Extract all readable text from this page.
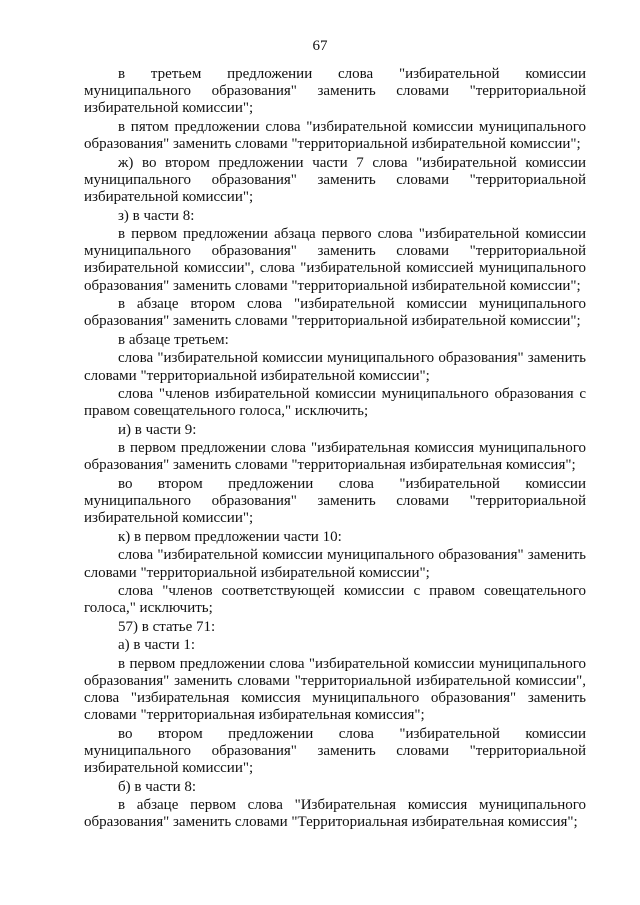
67

в третьем предложении слова "избирательной комиссии муниципального образования" заменить словами "территориальной избирательной комиссии";

в пятом предложении слова "избирательной комиссии муниципального образования" заменить словами "территориальной избирательной комиссии";

ж) во втором предложении части 7 слова "избирательной комиссии муниципального образования" заменить словами "территориальной избирательной комиссии";

з) в части 8:

в первом предложении абзаца первого слова "избирательной комиссии муниципального образования" заменить словами "территориальной избирательной комиссии", слова "избирательной комиссией муниципального образования" заменить словами "территориальной избирательной комиссии";

в абзаце втором слова "избирательной комиссии муниципального образования" заменить словами "территориальной избирательной комиссии";

в абзаце третьем:

слова "избирательной комиссии муниципального образования" заменить словами "территориальной избирательной комиссии";

слова "членов избирательной комиссии муниципального образования с правом совещательного голоса," исключить;

и) в части 9:

в первом предложении слова "избирательная комиссия муниципального образования" заменить словами "территориальная избирательная комиссия";

во втором предложении слова "избирательной комиссии муниципального образования" заменить словами "территориальной избирательной комиссии";

к) в первом предложении части 10:

слова "избирательной комиссии муниципального образования" заменить словами "территориальной избирательной комиссии";

слова "членов соответствующей комиссии с правом совещательного голоса," исключить;

57) в статье 71:

а) в части 1:

в первом предложении слова "избирательной комиссии муниципального образования" заменить словами "территориальной избирательной комиссии", слова "избирательная комиссия муниципального образования" заменить словами "территориальная избирательная комиссия";

во втором предложении слова "избирательной комиссии муниципального образования" заменить словами "территориальной избирательной комиссии";

б) в части 8:

в абзаце первом слова "Избирательная комиссия муниципального образования" заменить словами "Территориальная избирательная комиссия";
